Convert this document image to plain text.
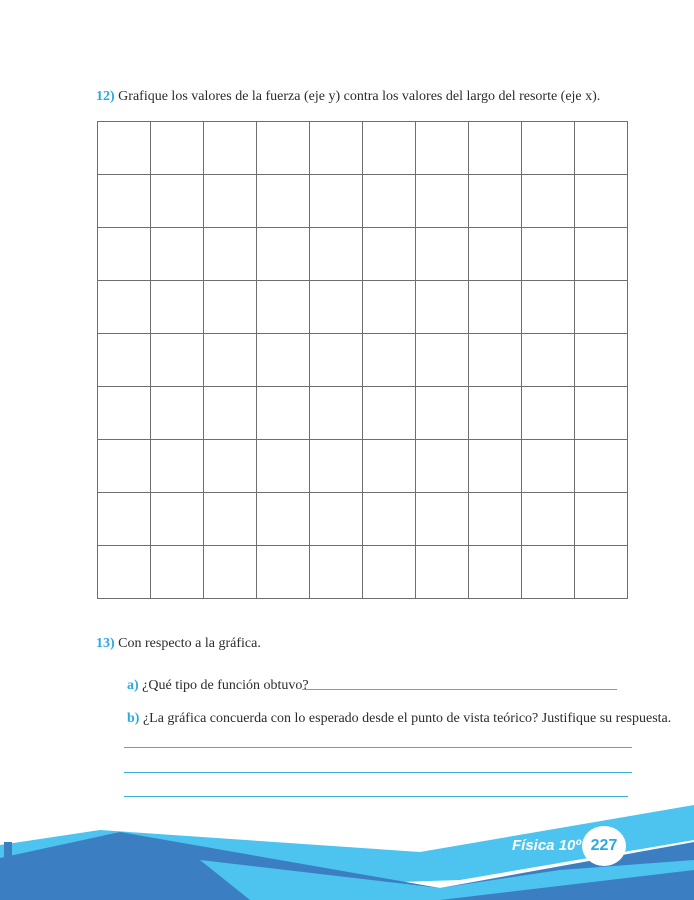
12) Grafique los valores de la fuerza (eje y) contra los valores del largo del resorte (eje x).
13) Con respecto a la gráfica.
a) ¿Qué tipo de función obtuvo?
b) ¿La gráfica concuerda con lo esperado desde el punto de vista teórico? Justifique su respuesta.
Física 10º 227
